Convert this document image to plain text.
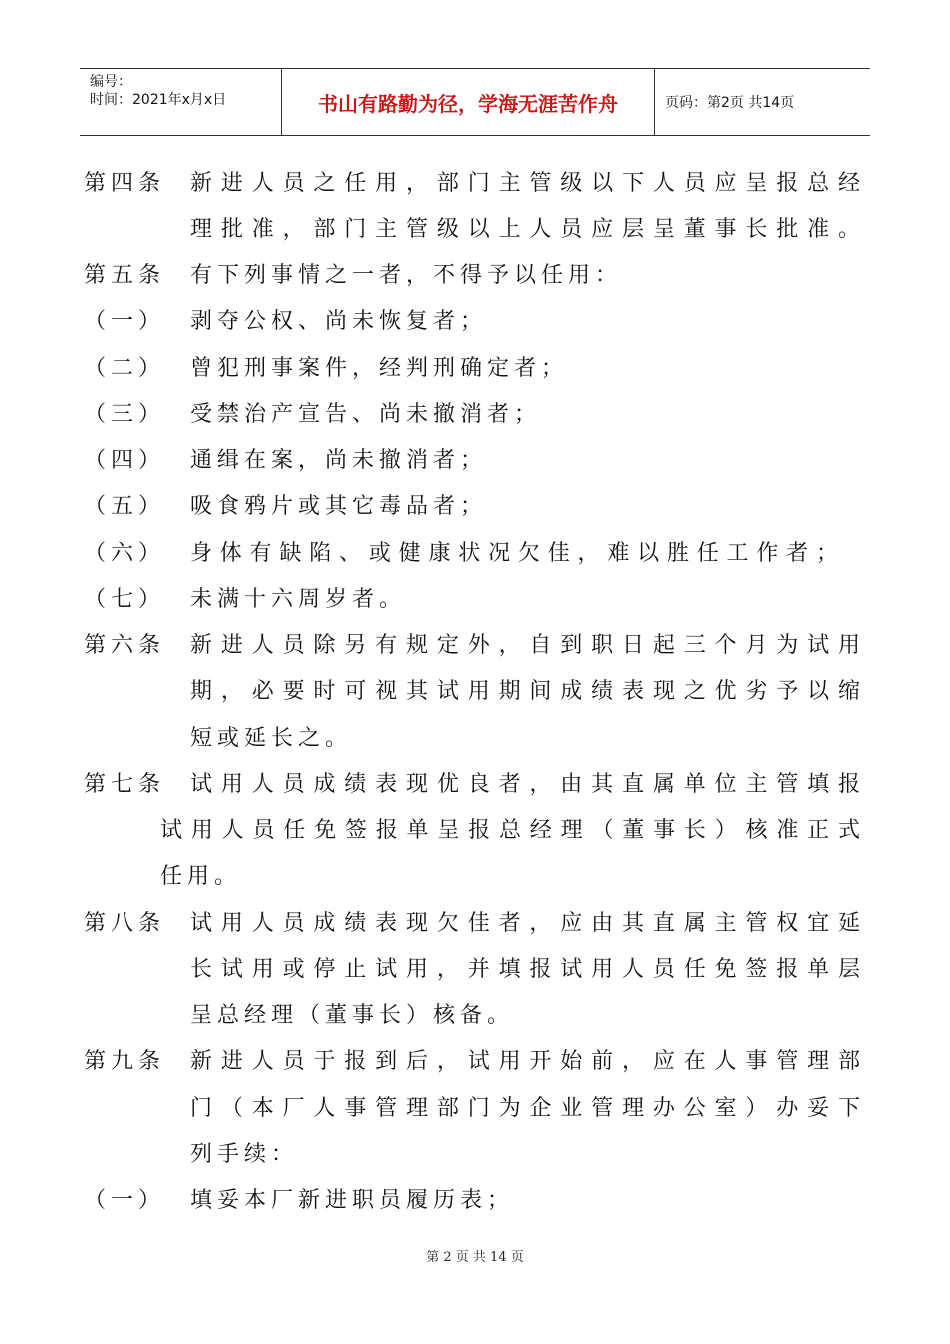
编号：
时间：2021年x月x日	书山有路勤为径，学海无涯苦作舟	页码：第2页 共14页
第四条 新进人员之任用，部门主管级以下人员应呈报总经
理批准，部门主管级以上人员应层呈董事长批准。
第五条 有下列事情之一者，不得予以任用：
（一） 剥夺公权、尚未恢复者；
（二） 曾犯刑事案件，经判刑确定者；
（三） 受禁治产宣告、尚未撤消者；
（四） 通缉在案，尚未撤消者；
（五） 吸食鸦片或其它毒品者；
（六） 身体有缺陷、或健康状况欠佳，难以胜任工作者；
（七） 未满十六周岁者。
第六条 新进人员除另有规定外，自到职日起三个月为试用
期，必要时可视其试用期间成绩表现之优劣予以缩
短或延长之。
第七条 试用人员成绩表现优良者，由其直属单位主管填报
试用人员任免签报单呈报总经理（董事长）核准正式
任用。
第八条 试用人员成绩表现欠佳者，应由其直属主管权宜延
长试用或停止试用，并填报试用人员任免签报单层
呈总经理（董事长）核备。
第九条 新进人员于报到后，试用开始前，应在人事管理部
门（本厂人事管理部门为企业管理办公室）办妥下
列手续：
（一） 填妥本厂新进职员履历表；
第 2 页 共 14 页
